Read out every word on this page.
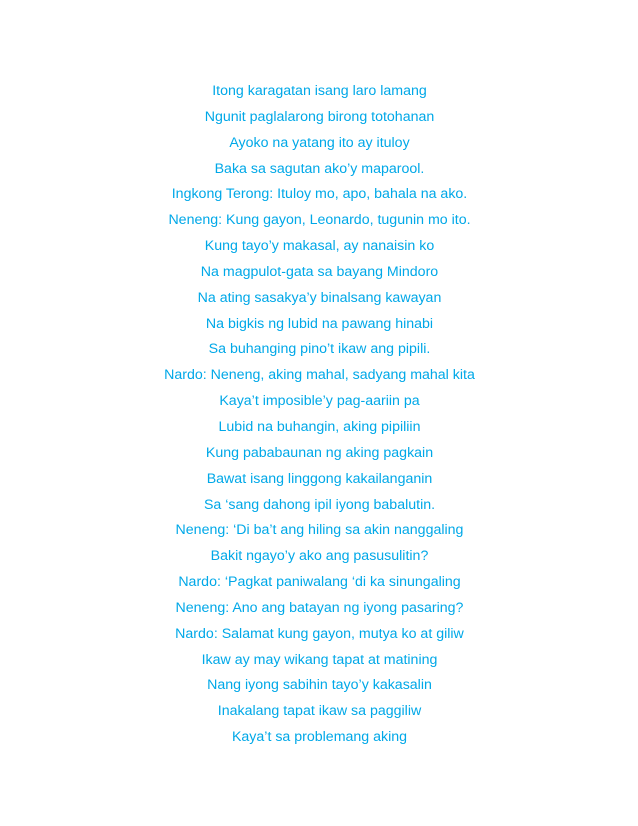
Itong karagatan isang laro lamang
Ngunit paglalarong birong totohanan
Ayoko na yatang ito ay ituloy
Baka sa sagutan ako’y maparool.
Ingkong Terong: Ituloy mo, apo, bahala na ako.
Neneng: Kung gayon, Leonardo, tugunin mo ito.
Kung tayo’y makasal, ay nanaisin ko
Na magpulot-gata sa bayang Mindoro
Na ating sasakya’y binalsang kawayan
Na bigkis ng lubid na pawang hinabi
Sa buhanging pino’t ikaw ang pipili.
Nardo: Neneng, aking mahal, sadyang mahal kita
Kaya’t imposible’y pag-aariin pa
Lubid na buhangin, aking pipiliin
Kung pababaunan ng aking pagkain
Bawat isang linggong kakailanganin
Sa ‘sang dahong ipil iyong babalutin.
Neneng: ‘Di ba’t ang hiling sa akin nanggaling
Bakit ngayo’y ako ang pasusulitin?
Nardo: ‘Pagkat paniwalang ‘di ka sinungaling
Neneng: Ano ang batayan ng iyong pasaring?
Nardo: Salamat kung gayon, mutya ko at giliw
Ikaw ay may wikang tapat at matining
Nang iyong sabihin tayo’y kakasalin
Inakalang tapat ikaw sa paggiliw
Kaya’t sa problemang aking
